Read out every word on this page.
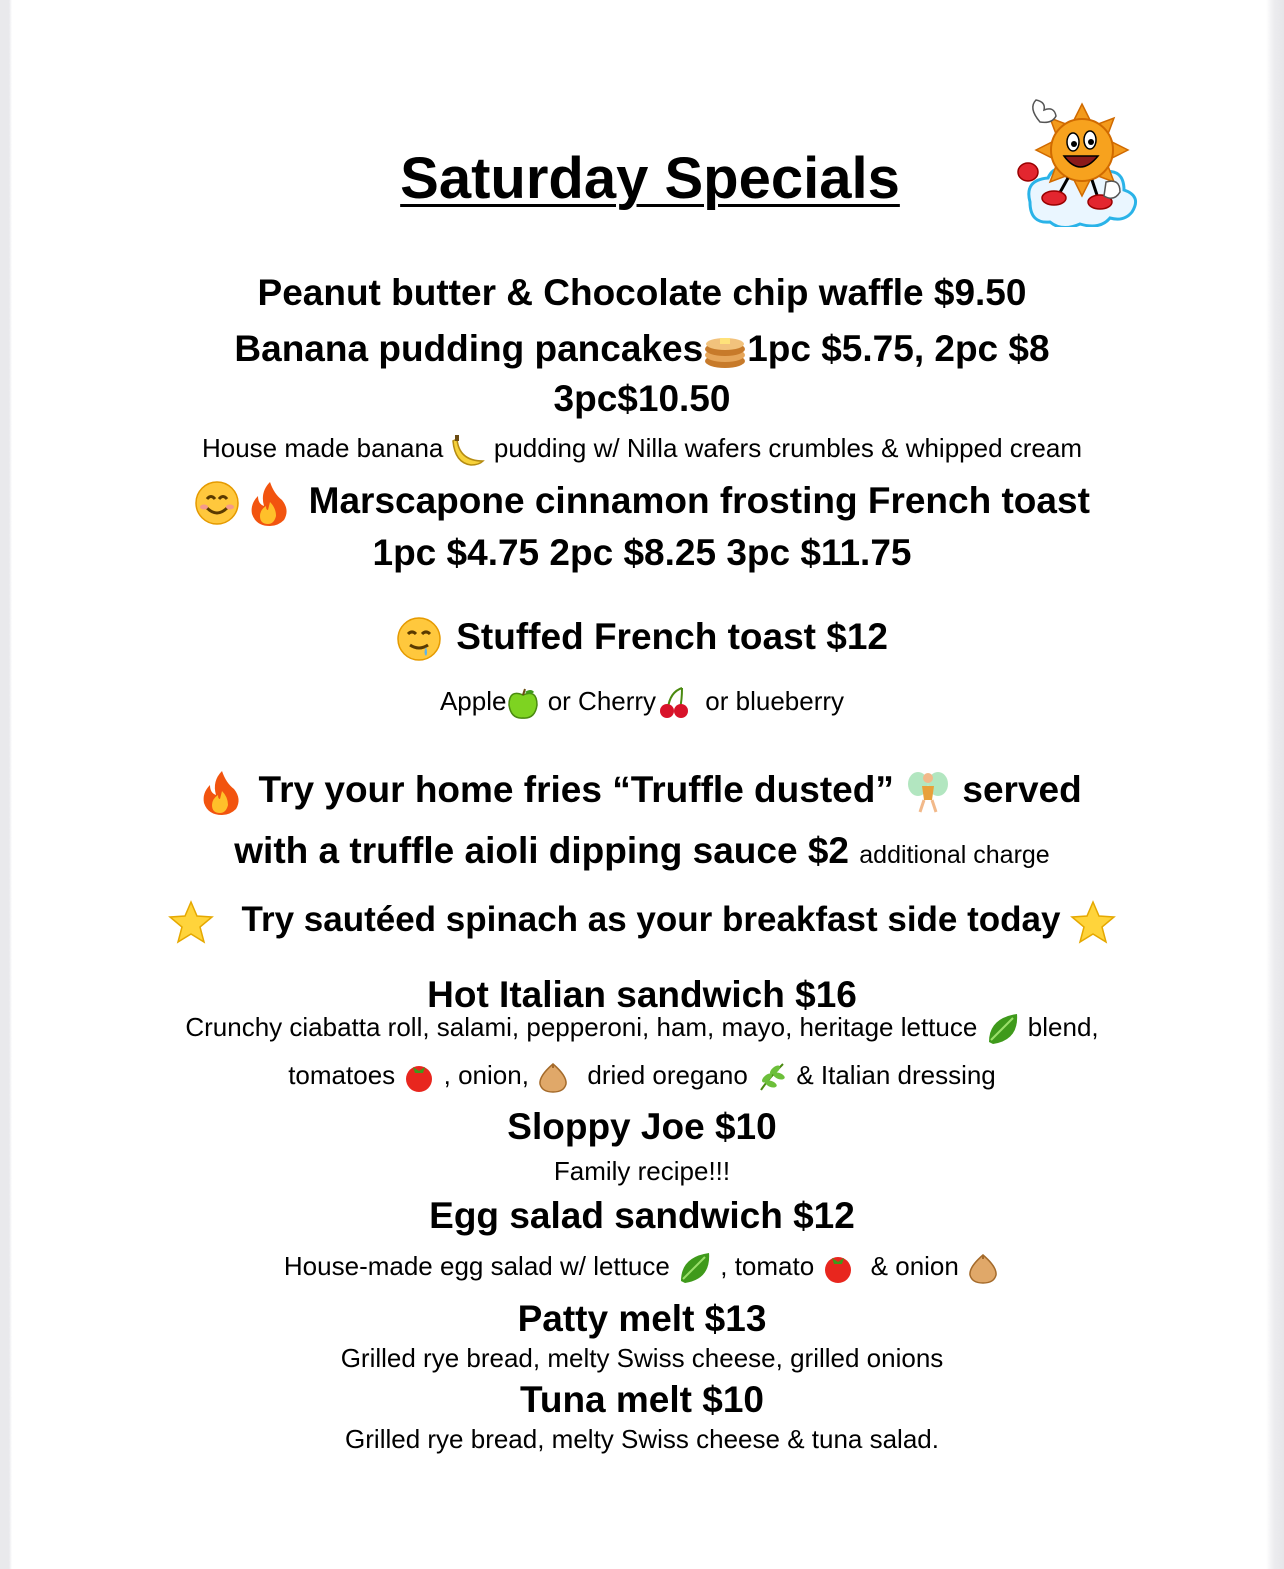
Saturday Specials
Peanut butter & Chocolate chip waffle $9.50
Banana pudding pancakes 1pc $5.75, 2pc $8
3pc$10.50
House made banana pudding w/ Nilla wafers crumbles & whipped cream
Marscapone cinnamon frosting French toast
1pc $4.75 2pc $8.25 3pc $11.75
Stuffed French toast $12
Apple or Cherry or blueberry
Try your home fries “Truffle dusted” served
with a truffle aioli dipping sauce $2 additional charge
Try sautéed spinach as your breakfast side today
Hot Italian sandwich $16
Crunchy ciabatta roll, salami, pepperoni, ham, mayo, heritage lettuce blend,
tomatoes , onion, dried oregano & Italian dressing
Sloppy Joe $10
Family recipe!!!
Egg salad sandwich $12
House-made egg salad w/ lettuce , tomato & onion
Patty melt $13
Grilled rye bread, melty Swiss cheese, grilled onions
Tuna melt $10
Grilled rye bread, melty Swiss cheese & tuna salad.
